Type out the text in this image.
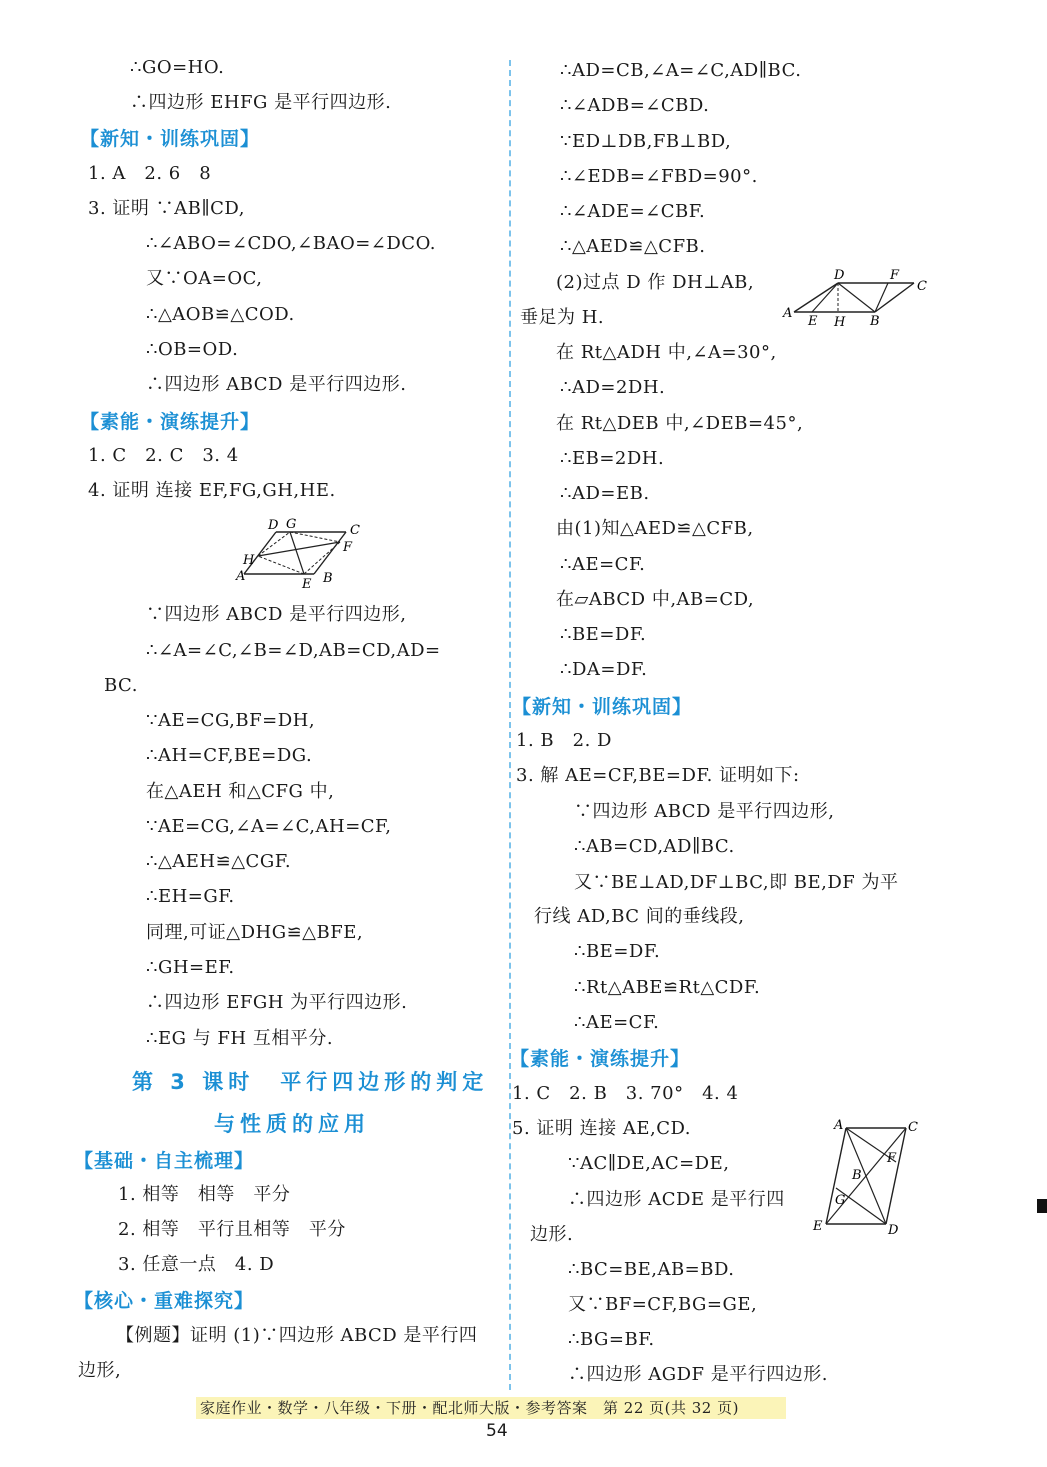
∴GO=HO.
∴四边形 EHFG 是平行四边形.
【新知・训练巩固】
1. A　2. 6　8
3. 证明 ∵AB∥CD,
∴∠ABO=∠CDO,∠BAO=∠DCO.
又∵OA=OC,
∴△AOB≌△COD.
∴OB=OD.
∴四边形 ABCD 是平行四边形.
【素能・演练提升】
1. C　2. C　3. 4
4. 证明 连接 EF,FG,GH,HE.
D G	C
F
H
A
E B
∵四边形 ABCD 是平行四边形,
∴∠A=∠C,∠B=∠D,AB=CD,AD=
BC.
∵AE=CG,BF=DH,
∴AH=CF,BE=DG.
在△AEH 和△CFG 中,
∵AE=CG,∠A=∠C,AH=CF,
∴△AEH≌△CGF.
∴EH=GF.
同理,可证△DHG≌△BFE,
∴GH=EF.
∴四边形 EFGH 为平行四边形.
∴EG 与 FH 互相平分.
第 3 课时　平行四边形的判定
与性质的应用
【基础・自主梳理】
1. 相等　相等　平分
2. 相等　平行且相等　平分
3. 任意一点　4. D
【核心・重难探究】
【例题】证明 (1)∵四边形 ABCD 是平行四
边形,
∴AD=CB,∠A=∠C,AD∥BC.
∴∠ADB=∠CBD.
∵ED⊥DB,FB⊥BD,
∴∠EDB=∠FBD=90°.
∴∠ADE=∠CBF.
∴△AED≌△CFB.
(2)过点 D 作 DH⊥AB,
垂足为 H.
D	F
C
A
E H B
在 Rt△ADH 中,∠A=30°,
∴AD=2DH.
在 Rt△DEB 中,∠DEB=45°,
∴EB=2DH.
∴AD=EB.
由(1)知△AED≌△CFB,
∴AE=CF.
在▱ABCD 中,AB=CD,
∴BE=DF.
∴DA=DF.
【新知・训练巩固】
1. B　2. D
3. 解 AE=CF,BE=DF. 证明如下:
∵四边形 ABCD 是平行四边形,
∴AB=CD,AD∥BC.
又∵BE⊥AD,DF⊥BC,即 BE,DF 为平
行线 AD,BC 间的垂线段,
∴BE=DF.
∴Rt△ABE≌Rt△CDF.
∴AE=CF.
【素能・演练提升】
1. C　2. B　3. 70°　4. 4
5. 证明 连接 AE,CD.
∵AC∥DE,AC=DE,
∴四边形 ACDE 是平行四
边形.
A	C
B
F
G
E	D
∴BC=BE,AB=BD.
又∵BF=CF,BG=GE,
∴BG=BF.
∴四边形 AGDF 是平行四边形.
家庭作业・数学・八年级・下册・配北师大版・参考答案　第 22 页(共 32 页)
54
